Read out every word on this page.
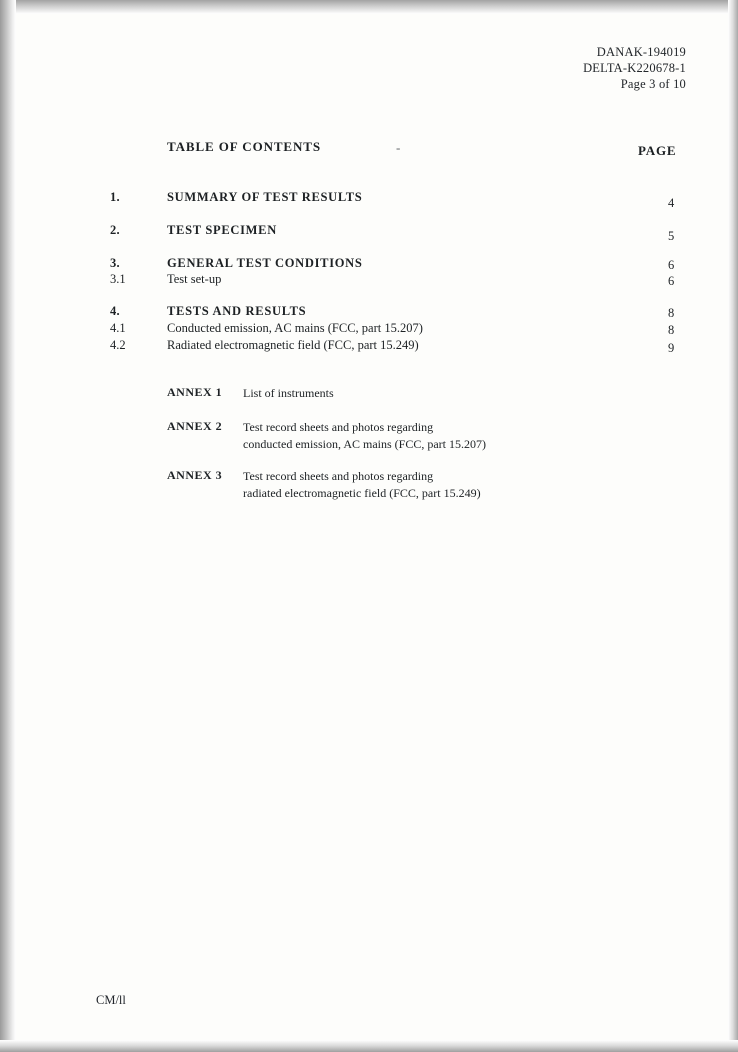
DANAK-194019
DELTA-K220678-1
Page 3 of 10
TABLE OF CONTENTS	-	PAGE
1.	SUMMARY OF TEST RESULTS	4
2.	TEST SPECIMEN	5
3.	GENERAL TEST CONDITIONS	6
3.1	Test set-up	6
4.	TESTS AND RESULTS	8
4.1	Conducted emission, AC mains (FCC, part 15.207)	8
4.2	Radiated electromagnetic field (FCC, part 15.249)	9
ANNEX 1 List of instruments
ANNEX 2 Test record sheets and photos regarding
conducted emission, AC mains (FCC, part 15.207)
ANNEX 3 Test record sheets and photos regarding
radiated electromagnetic field (FCC, part 15.249)
CM/ll
